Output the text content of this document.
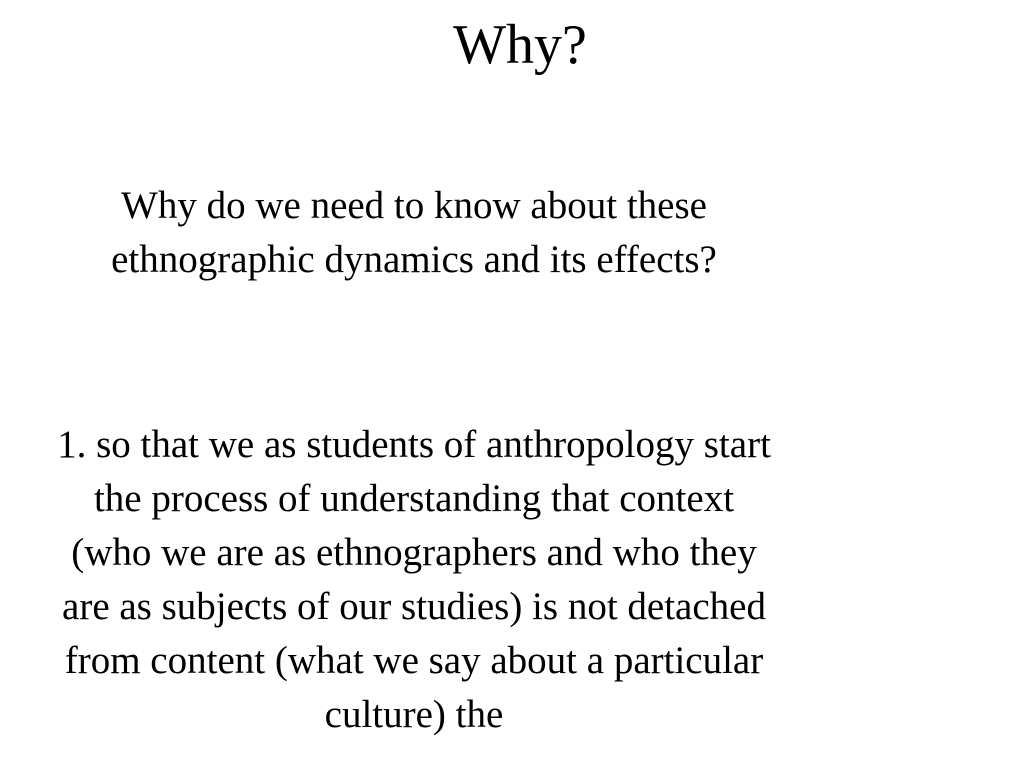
Why?

Why do we need to know about these ethnographic dynamics and its effects?

1. so that we as students of anthropology start the process of understanding that context (who we are as ethnographers and who they are as subjects of our studies) is not detached from content (what we say about a particular culture) the
